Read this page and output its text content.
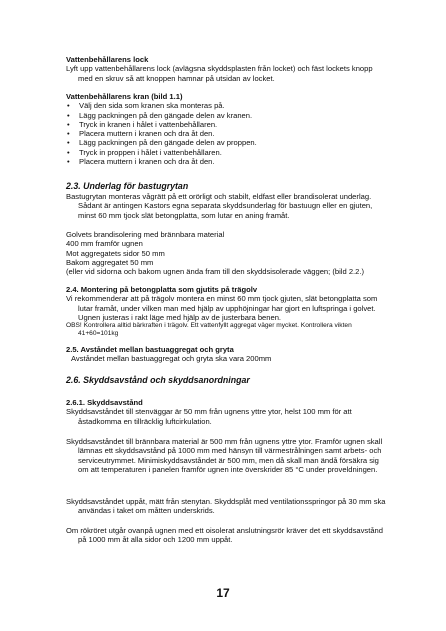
Vattenbehållarens lock
Lyft upp vattenbehållarens lock (avlägsna skyddsplasten från locket) och fäst lockets knopp med en skruv så att knoppen hamnar på utsidan av locket.
Vattenbehållarens kran (bild 1.1)
• Välj den sida som kranen ska monteras på.
• Lägg packningen på den gängade delen av kranen.
• Tryck in kranen i hålet i vattenbehållaren.
• Placera muttern i kranen och dra åt den.
• Lägg packningen på den gängade delen av proppen.
• Tryck in proppen i hålet i vattenbehållaren.
• Placera muttern i kranen och dra åt den.
2.3. Underlag för bastugrytan
Bastugrytan monteras vågrätt på ett orörligt och stabilt, eldfast eller brandisolerat underlag. Sådant är antingen Kastors egna separata skyddsunderlag för bastuugn eller en gjuten, minst 60 mm tjock slät betongplatta, som lutar en aning framåt.
Golvets brandisolering med brännbara material
400 mm framför ugnen
Mot aggregatets sidor 50 mm
Bakom aggregatet 50 mm
(eller vid sidorna och bakom ugnen ända fram till den skyddsisolerade väggen; (bild 2.2.)
2.4. Montering på betongplatta som gjutits på trägolv
Vi rekommenderar att på trägolv montera en minst 60 mm tjock gjuten, slät betongplatta som lutar framåt, under vilken man med hjälp av upphöjningar har gjort en luftspringa i golvet. Ugnen justeras i rakt läge med hjälp av de justerbara benen.
OBS! Kontrollera alltid bärkraften i trägolv. Ett vattenfyllt aggregat väger mycket. Kontrollera vikten 41+60=101kg
2.5. Avståndet mellan bastuaggregat och gryta
Avståndet mellan bastuaggregat och gryta ska vara 200mm
2.6. Skyddsavstånd och skyddsanordningar
2.6.1. Skyddsavstånd
Skyddsavståndet till stenväggar är 50 mm från ugnens yttre ytor, helst 100 mm för att åstadkomma en tillräcklig luftcirkulation.
Skyddsavståndet till brännbara material är 500 mm från ugnens yttre ytor. Framför ugnen skall lämnas ett skyddsavstånd på 1000 mm med hänsyn till värmestrålningen samt arbets- och serviceutrymmet. Minimiskyddsavståndet är 500 mm, men då skall man ändå försäkra sig om att temperaturen i panelen framför ugnen inte överskrider 85 °C under proveldningen.
Skyddsavståndet uppåt, mätt från stenytan. Skyddsplåt med ventilationsspringor på 30 mm ska användas i taket om måtten underskrids.
Om rökröret utgår ovanpå ugnen med ett oisolerat anslutningsrör kräver det ett skyddsavstånd på 1000 mm åt alla sidor och 1200 mm uppåt.
17
